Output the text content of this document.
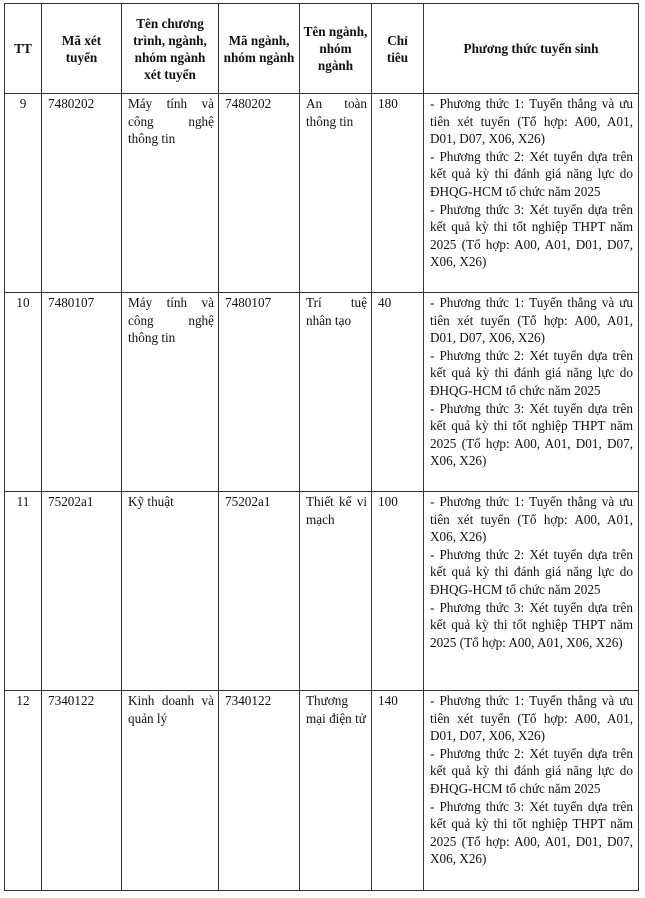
TT	Mã xét tuyển	Tên chương trình, ngành, nhóm ngành xét tuyển	Mã ngành, nhóm ngành	Tên ngành, nhóm ngành	Chỉ tiêu	Phương thức tuyển sinh
9	7480202	Máy tính và công nghệ thông tin	7480202	An toàn thông tin	180	- Phương thức 1: Tuyển thẳng và ưu tiên xét tuyển (Tổ hợp: A00, A01, D01, D07, X06, X26)
- Phương thức 2: Xét tuyển dựa trên kết quả kỳ thi đánh giá năng lực do ĐHQG-HCM tổ chức năm 2025
- Phương thức 3: Xét tuyển dựa trên kết quả kỳ thi tốt nghiệp THPT năm 2025 (Tổ hợp: A00, A01, D01, D07, X06, X26)

10	7480107	Máy tính và công nghệ thông tin	7480107	Trí tuệ nhân tạo	40	- Phương thức 1: Tuyển thẳng và ưu tiên xét tuyển (Tổ hợp: A00, A01, D01, D07, X06, X26)
- Phương thức 2: Xét tuyển dựa trên kết quả kỳ thi đánh giá năng lực do ĐHQG-HCM tổ chức năm 2025
- Phương thức 3: Xét tuyển dựa trên kết quả kỳ thi tốt nghiệp THPT năm 2025 (Tổ hợp: A00, A01, D01, D07, X06, X26)

11	75202a1	Kỹ thuật	75202a1	Thiết kế vi mạch	100	- Phương thức 1: Tuyển thẳng và ưu tiên xét tuyển (Tổ hợp: A00, A01, X06, X26)
- Phương thức 2: Xét tuyển dựa trên kết quả kỳ thi đánh giá năng lực do ĐHQG-HCM tổ chức năm 2025
- Phương thức 3: Xét tuyển dựa trên kết quả kỳ thi tốt nghiệp THPT năm 2025 (Tổ hợp: A00, A01, X06, X26)

12	7340122	Kinh doanh và quản lý	7340122	Thương mại điện tử	140	- Phương thức 1: Tuyển thẳng và ưu tiên xét tuyển (Tổ hợp: A00, A01, D01, D07, X06, X26)
- Phương thức 2: Xét tuyển dựa trên kết quả kỳ thi đánh giá năng lực do ĐHQG-HCM tổ chức năm 2025
- Phương thức 3: Xét tuyển dựa trên kết quả kỳ thi tốt nghiệp THPT năm 2025 (Tổ hợp: A00, A01, D01, D07, X06, X26)
